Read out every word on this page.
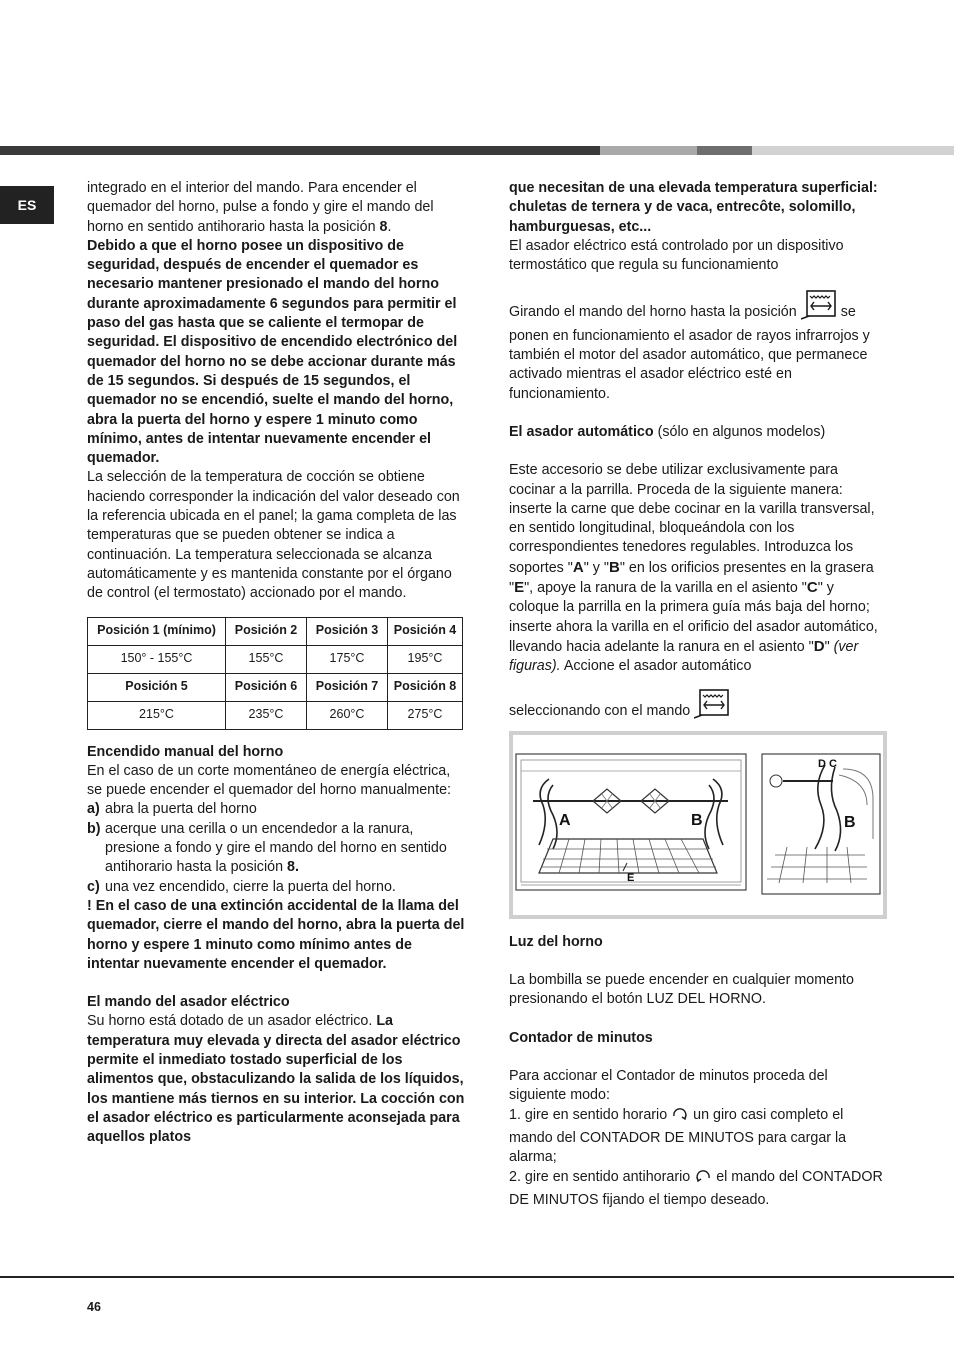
ES

integrado en el interior del mando. Para encender el quemador del horno, pulse a fondo y gire el mando del horno en sentido antihorario hasta la posición 8.

Debido a que el horno posee un dispositivo de seguridad, después de encender el quemador es necesario mantener presionado el mando del horno durante aproximadamente 6 segundos para permitir el paso del gas hasta que se caliente el termopar de seguridad. El dispositivo de encendido electrónico del quemador del horno no se debe accionar durante más de 15 segundos. Si después de 15 segundos, el quemador no se encendió, suelte el mando del horno, abra la puerta del horno y espere 1 minuto como mínimo, antes de intentar nuevamente encender el quemador.

La selección de la temperatura de cocción se obtiene haciendo corresponder la indicación del valor deseado con la referencia ubicada en el panel; la gama completa de las temperaturas que se pueden obtener se indica a continuación. La temperatura seleccionada se alcanza automáticamente y es mantenida constante por el órgano de control (el termostato) accionado por el mando.

Posición 1 (mínimo)	Posición 2	Posición 3	Posición 4
150° - 155°C	155°C	175°C	195°C
Posición 5	Posición 6	Posición 7	Posición 8
215°C	235°C	260°C	275°C

Encendido manual del horno

En el caso de un corte momentáneo de energía eléctrica, se puede encender el quemador del horno manualmente:

a) abra la puerta del horno

b) acerque una cerilla o un encendedor a la ranura, presione a fondo y gire el mando del horno en sentido antihorario hasta la posición 8.

c) una vez encendido, cierre la puerta del horno.

! En el caso de una extinción accidental de la llama del quemador, cierre el mando del horno, abra la puerta del horno y espere 1 minuto como mínimo antes de intentar nuevamente encender el quemador.

El mando del asador eléctrico

Su horno está dotado de un asador eléctrico. La temperatura muy elevada y directa del asador eléctrico permite el inmediato tostado superficial de los alimentos que, obstaculizando la salida de los líquidos, los mantiene más tiernos en su interior. La cocción con el asador eléctrico es particularmente aconsejada para aquellos platos

que necesitan de una elevada temperatura superficial: chuletas de ternera y de vaca, entrecôte, solomillo, hamburguesas, etc...

El asador eléctrico está controlado por un dispositivo termostático que regula su funcionamiento

Girando el mando del horno hasta la posición	se ponen en funcionamiento el asador de rayos infrarrojos y también el motor del asador automático, que permanece activado mientras el asador eléctrico esté en funcionamiento.

El asador automático (sólo en algunos modelos)

Este accesorio se debe utilizar exclusivamente para cocinar a la parrilla. Proceda de la siguiente manera: inserte la carne que debe cocinar en la varilla transversal, en sentido longitudinal, bloqueándola con los correspondientes tenedores regulables. Introduzca los soportes "A" y "B" en los orificios presentes en la grasera "E", apoye la ranura de la varilla en el asiento "C" y coloque la parrilla en la primera guía más baja del horno; inserte ahora la varilla en el orificio del asador automático, llevando hacia adelante la ranura en el asiento "D" (ver figuras). Accione el asador automático

seleccionando con el mando

A	B
E
D C
B

Luz del horno

La bombilla se puede encender en cualquier momento presionando el botón LUZ DEL HORNO.

Contador de minutos

Para accionar el Contador de minutos proceda del siguiente modo:

1. gire en sentido horario un giro casi completo el mando del CONTADOR DE MINUTOS para cargar la alarma;

2. gire en sentido antihorario el mando del CONTADOR DE MINUTOS fijando el tiempo deseado.

46
